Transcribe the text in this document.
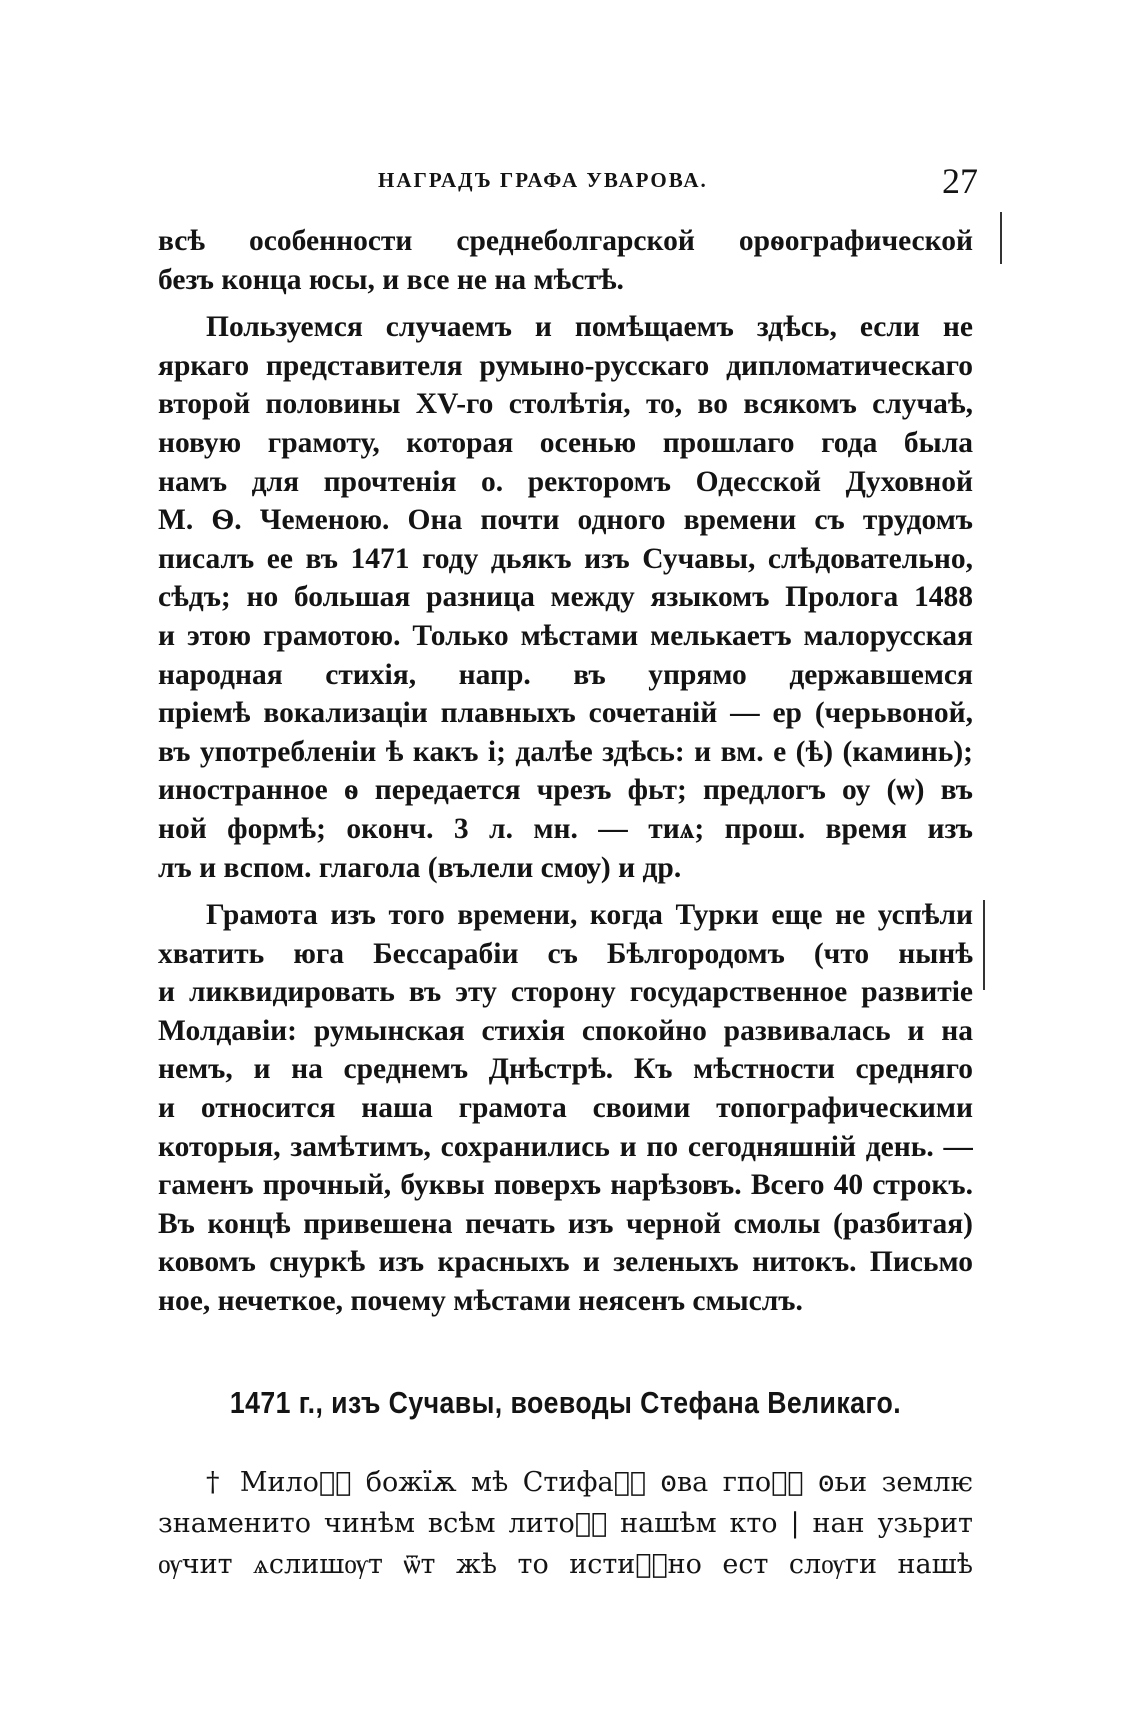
НАГРАДЪ ГРАФА УВАРОВА.	27

всѣ особенности среднеболгарской орѳографической
безъ конца юсы, и все не на мѣстѣ.

Пользуемся случаемъ и помѣщаемъ здѣсь, если не
яркаго представителя румыно-русскаго дипломатическаго
второй половины XV-го столѣтія, то, во всякомъ случаѣ,
новую грамоту, которая осенью прошлаго года была
намъ для прочтенія о. ректоромъ Одесской Духовной
М. Ѳ. Чеменою. Она почти одного времени съ трудомъ
писалъ ее въ 1471 году дьякъ изъ Сучавы, слѣдовательно,
сѣдъ; но большая разница между языкомъ Пролога 1488
и этою грамотою. Только мѣстами мелькаетъ малорусская
народная стихія, напр. въ упрямо державшемся
пріемѣ вокализаціи плавныхъ сочетаній — ер (черьвоной,
въ употребленіи ѣ какъ і; далѣе здѣсь: и вм. е (ѣ) (каминь);
иностранное ѳ передается чрезъ фьт; предлогъ оу (ѡ) въ
ной формѣ; оконч. 3 л. мн. — тиѧ; прош. время изъ
лъ и вспом. глагола (вълели смѹ) и др.

Грамота изъ того времени, когда Турки еще не успѣли
хватить юга Бессарабіи съ Бѣлгородомъ (что нынѣ
и ликвидировать въ эту сторону государственное развитіе
Молдавіи: румынская стихія спокойно развивалась и на
немъ, и на среднемъ Днѣстрѣ. Къ мѣстности средняго
и относится наша грамота своими топографическими
которыя, замѣтимъ, сохранились и по сегодняшній день. —
гаменъ прочный, буквы поверхъ нарѣзовъ. Всего 40 строкъ.
Въ концѣ привешена печать изъ черной смолы (разбитая)
ковомъ снуркѣ изъ красныхъ и зеленыхъ нитокъ. Письмо
ное, нечеткое, почему мѣстами неясенъ смыслъ.

1471 г., изъ Сучавы, воеводы Стефана Великаго.
† Милоⷭ҇ божїѫ мѣ Стифаⷩ҇ ꙩва гпоⷣ҇ ꙩьи землѥ
знаменито чинѣм всѣм литоⷪ҇ нашѣм кто | нан узьрит
ѹчит ѧслишѹт ѿт жѣ то истиⷩ҇но ест слѹги нашѣ
